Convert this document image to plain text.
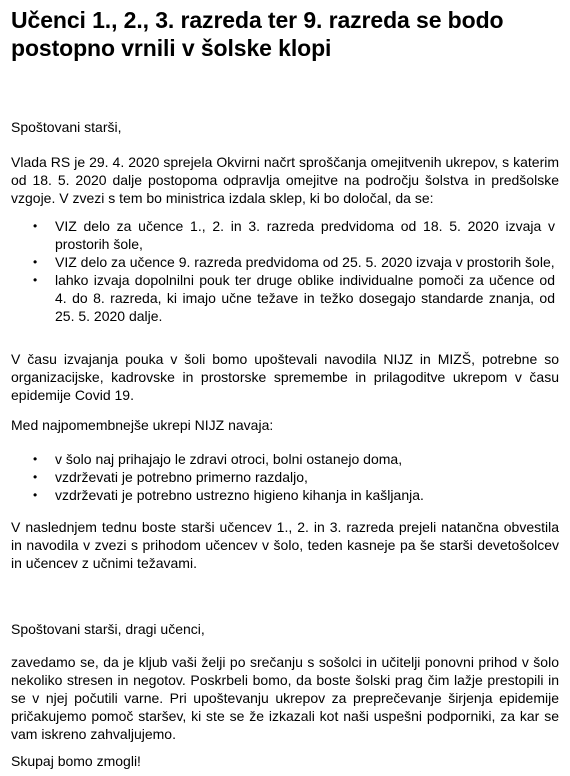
Učenci 1., 2., 3. razreda ter 9. razreda se bodo postopno vrnili v šolske klopi

Spoštovani starši,

Vlada RS je 29. 4. 2020 sprejela Okvirni načrt sproščanja omejitvenih ukrepov, s katerim od 18. 5. 2020 dalje postopoma odpravlja omejitve na področju šolstva in predšolske vzgoje. V zvezi s tem bo ministrica izdala sklep, ki bo določal, da se:

• VIZ delo za učence 1., 2. in 3. razreda predvidoma od 18. 5. 2020 izvaja v prostorih šole,
• VIZ delo za učence 9. razreda predvidoma od 25. 5. 2020 izvaja v prostorih šole,
• lahko izvaja dopolnilni pouk ter druge oblike individualne pomoči za učence od 4. do 8. razreda, ki imajo učne težave in težko dosegajo standarde znanja, od 25. 5. 2020 dalje.

V času izvajanja pouka v šoli bomo upoštevali navodila NIJZ in MIZŠ, potrebne so organizacijske, kadrovske in prostorske spremembe in prilagoditve ukrepom v času epidemije Covid 19.

Med najpomembnejše ukrepi NIJZ navaja:

• v šolo naj prihajajo le zdravi otroci, bolni ostanejo doma,
• vzdrževati je potrebno primerno razdaljo,
• vzdrževati je potrebno ustrezno higieno kihanja in kašljanja.

V naslednjem tednu boste starši učencev 1., 2. in 3. razreda prejeli natančna obvestila in navodila v zvezi s prihodom učencev v šolo, teden kasneje pa še starši devetošolcev in učencev z učnimi težavami.

Spoštovani starši, dragi učenci,

zavedamo se, da je kljub vaši želji po srečanju s sošolci in učitelji ponovni prihod v šolo nekoliko stresen in negotov. Poskrbeli bomo, da boste šolski prag čim lažje prestopili in se v njej počutili varne. Pri upoštevanju ukrepov za preprečevanje širjenja epidemije pričakujemo pomoč staršev, ki ste se že izkazali kot naši uspešni podporniki, za kar se vam iskreno zahvaljujemo.

Skupaj bomo zmogli!
